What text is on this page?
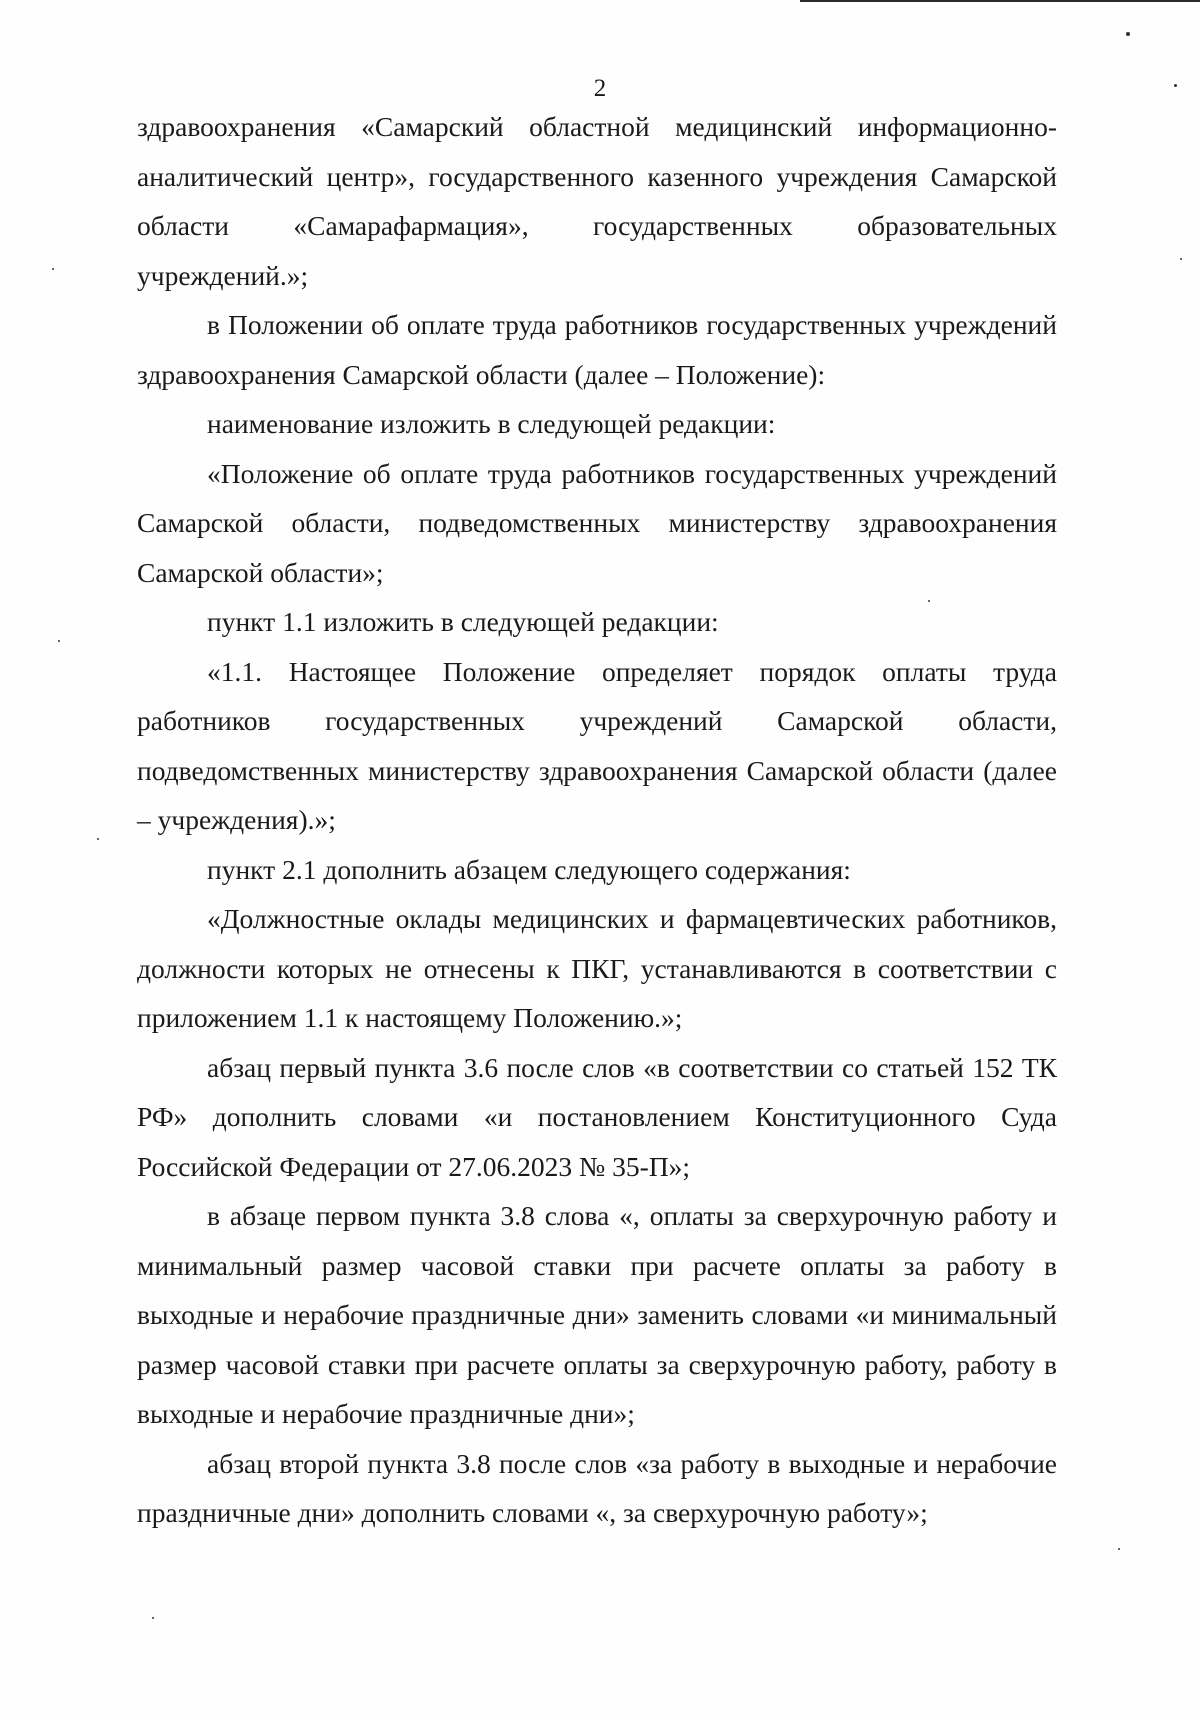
2

здравоохранения «Самарский областной медицинский информационно-аналитический центр», государственного казенного учреждения Самарской области «Самарафармация», государственных образовательных учреждений.»;

в Положении об оплате труда работников государственных учреждений здравоохранения Самарской области (далее – Положение):

наименование изложить в следующей редакции:

«Положение об оплате труда работников государственных учреждений Самарской области, подведомственных министерству здравоохранения Самарской области»;

пункт 1.1 изложить в следующей редакции:

«1.1. Настоящее Положение определяет порядок оплаты труда работников государственных учреждений Самарской области, подведомственных министерству здравоохранения Самарской области (далее – учреждения).»;

пункт 2.1 дополнить абзацем следующего содержания:

«Должностные оклады медицинских и фармацевтических работников, должности которых не отнесены к ПКГ, устанавливаются в соответствии с приложением 1.1 к настоящему Положению.»;

абзац первый пункта 3.6 после слов «в соответствии со статьей 152 ТК РФ» дополнить словами «и постановлением Конституционного Суда Российской Федерации от 27.06.2023 № 35-П»;

в абзаце первом пункта 3.8 слова «, оплаты за сверхурочную работу и минимальный размер часовой ставки при расчете оплаты за работу в выходные и нерабочие праздничные дни» заменить словами «и минимальный размер часовой ставки при расчете оплаты за сверхурочную работу, работу в выходные и нерабочие праздничные дни»;

абзац второй пункта 3.8 после слов «за работу в выходные и нерабочие праздничные дни» дополнить словами «, за сверхурочную работу»;
